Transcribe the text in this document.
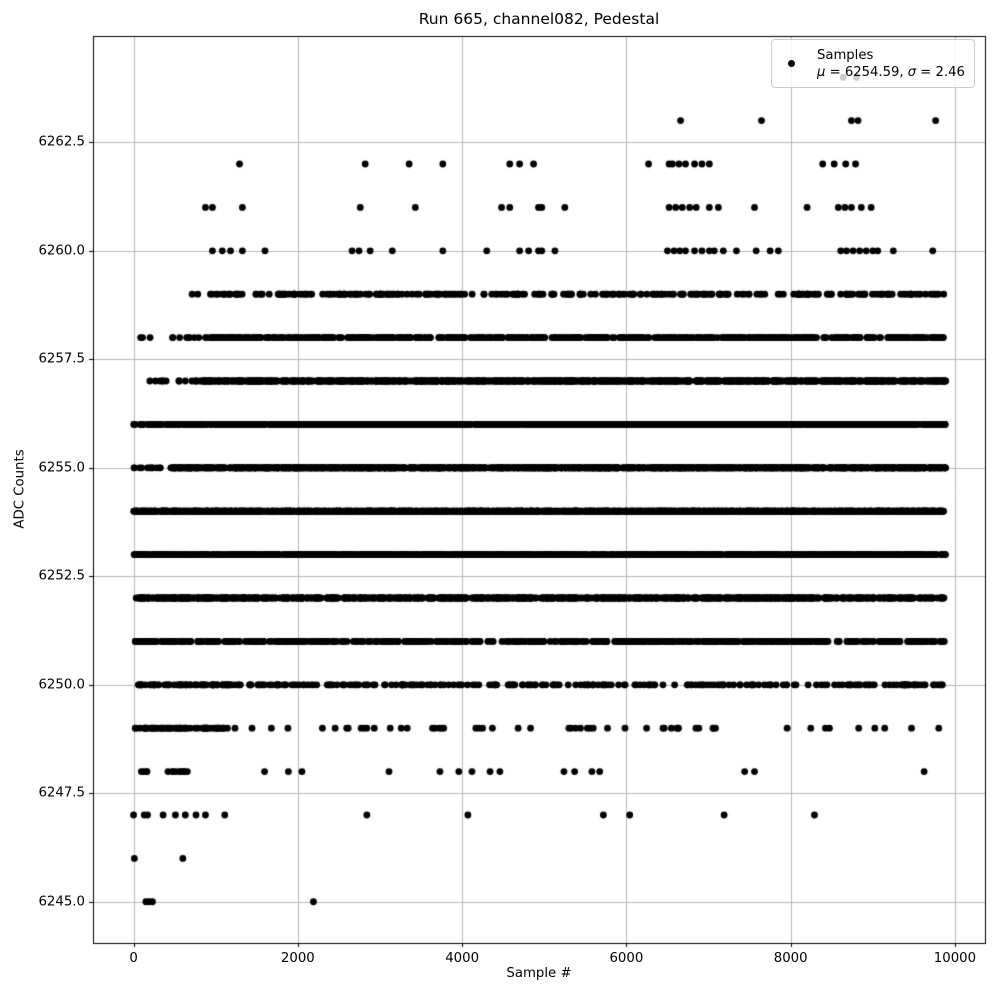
Run 665, channel082, Pedestal
Sample #
ADC Counts
Samples
μ = 6254.59, σ = 2.46
0	2000	4000	6000	8000	10000
6245.0
6247.5
6250.0
6252.5
6255.0
6257.5
6260.0
6262.5
